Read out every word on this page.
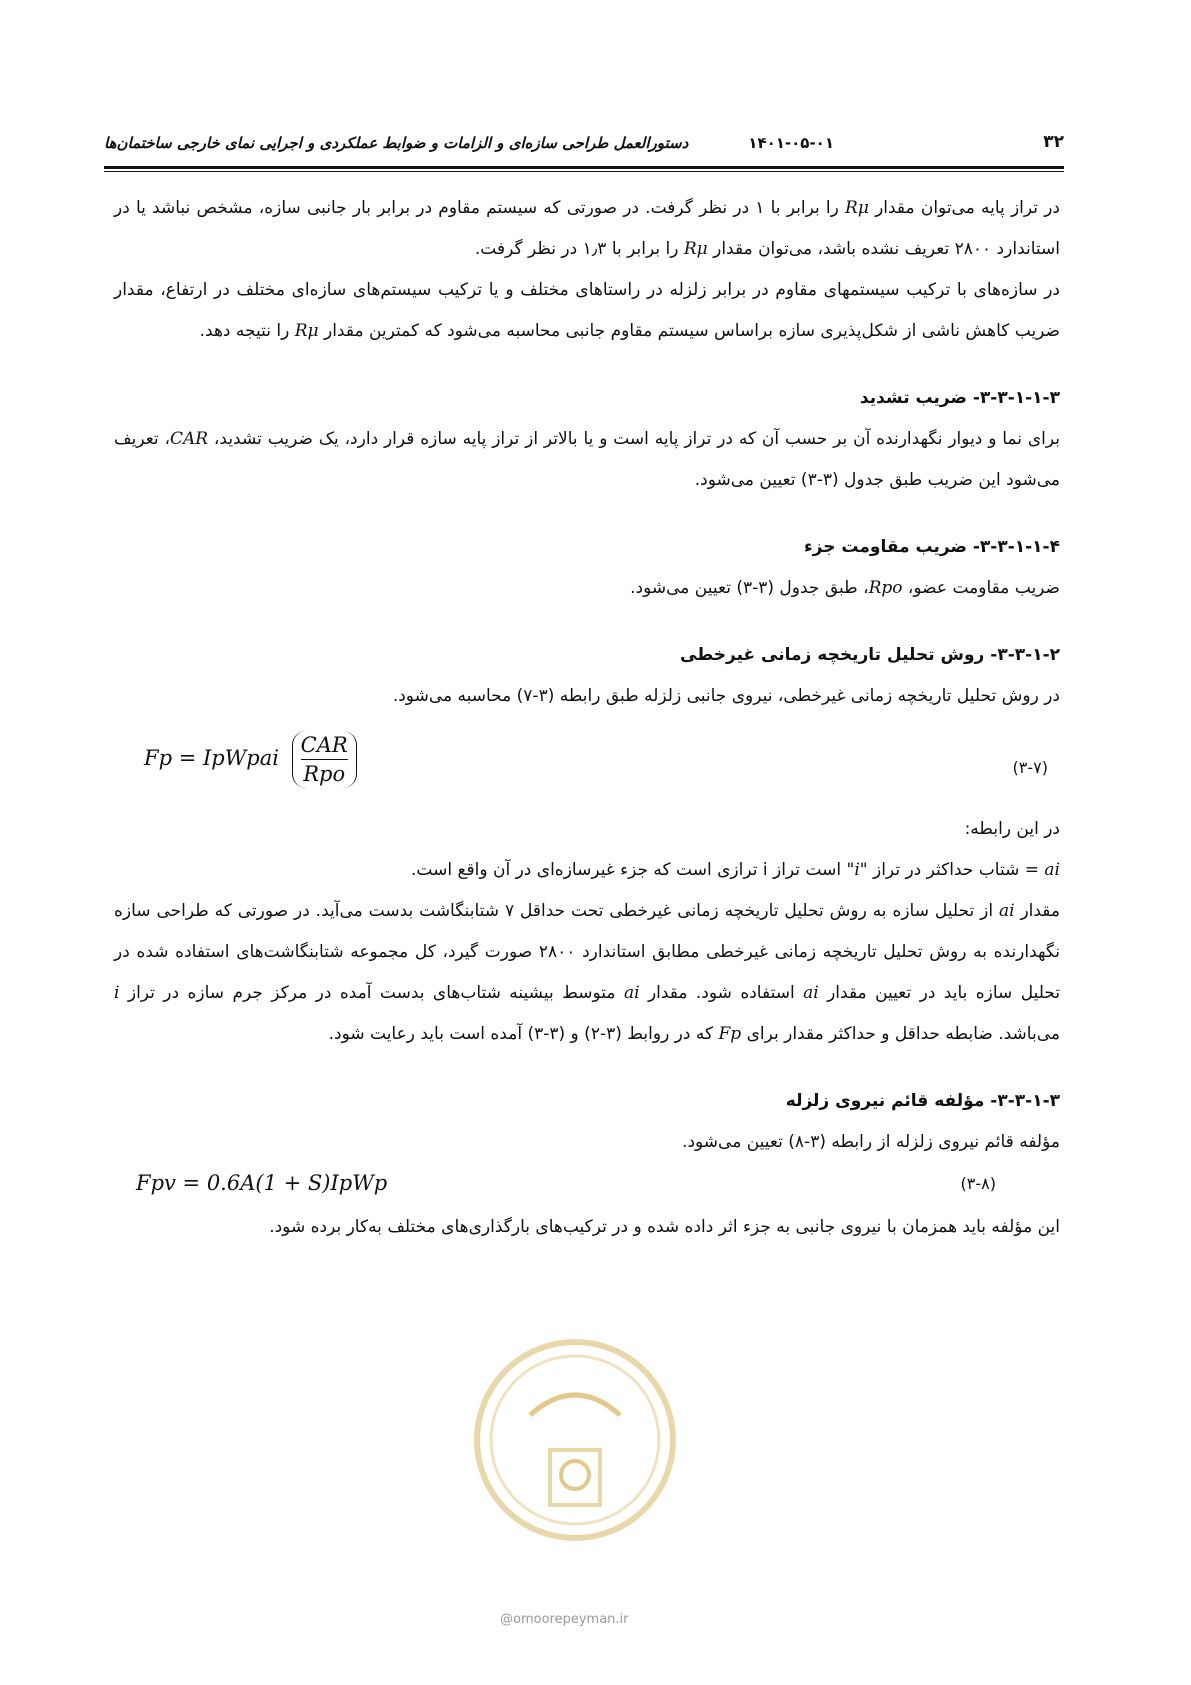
۳۲
۱۴۰۱-۰۵-۰۱
دستورالعمل طراحی سازه‌ای و الزامات و ضوابط عملکردی و اجرایی نمای خارجی ساختمان‌ها

در تراز پایه می‌توان مقدار Rμ را برابر با ۱ در نظر گرفت. در صورتی که سیستم مقاوم در برابر بار جانبی سازه، مشخص نباشد یا در استاندارد ۲۸۰۰ تعریف نشده باشد، می‌توان مقدار Rμ را برابر با ۱٫۳ در نظر گرفت.

در سازه‌های با ترکیب سیستمهای مقاوم در برابر زلزله در راستاهای مختلف و یا ترکیب سیستم‌های سازه‌ای مختلف در ارتفاع، مقدار ضریب کاهش ناشی از شکل‌پذیری سازه براساس سیستم مقاوم جانبی محاسبه می‌شود که کمترین مقدار Rμ را نتیجه دهد.

۳-۳-۱-۱-۳- ضریب تشدید

برای نما و دیوار نگهدارنده آن بر حسب آن که در تراز پایه است و یا بالاتر از تراز پایه سازه قرار دارد، یک ضریب تشدید، CAR، تعریف می‌شود این ضریب طبق جدول (۳-۳) تعیین می‌شود.

۳-۳-۱-۱-۴- ضریب مقاومت جزء

ضریب مقاومت عضو، Rpo، طبق جدول (۳-۳) تعیین می‌شود.

۳-۳-۱-۲- روش تحلیل تاریخچه زمانی غیرخطی

در روش تحلیل تاریخچه زمانی غیرخطی، نیروی جانبی زلزله طبق رابطه (۳-۷) محاسبه می‌شود.

Fp = IpWpai $\frac{\text{CAR}}{\text{Rpo}}$	(۳-۷)

در این رابطه:

ai = شتاب حداکثر در تراز "i" است تراز i ترازی است که جزء غیرسازه‌ای در آن واقع است.

مقدار ai از تحلیل سازه به روش تحلیل تاریخچه زمانی غیرخطی تحت حداقل ۷ شتابنگاشت بدست می‌آید. در صورتی که طراحی سازه نگهدارنده به روش تحلیل تاریخچه زمانی غیرخطی مطابق استاندارد ۲۸۰۰ صورت گیرد، کل مجموعه شتابنگاشت‌های استفاده شده در تحلیل سازه باید در تعیین مقدار ai استفاده شود. مقدار ai متوسط بیشینه شتاب‌های بدست آمده در مرکز جرم سازه در تراز i می‌باشد. ضابطه حداقل و حداکثر مقدار برای Fp که در روابط (۳-۲) و (۳-۳) آمده است باید رعایت شود.

۳-۳-۱-۳- مؤلفه قائم نیروی زلزله

مؤلفه قائم نیروی زلزله از رابطه (۳-۸) تعیین می‌شود.

Fpv = 0.6A(1 + S)IpWp	(۳-۸)

این مؤلفه باید همزمان با نیروی جانبی به جزء اثر داده شده و در ترکیب‌های بارگذاری‌های مختلف به‌کار برده شود.

@omoorepeyman.ir
